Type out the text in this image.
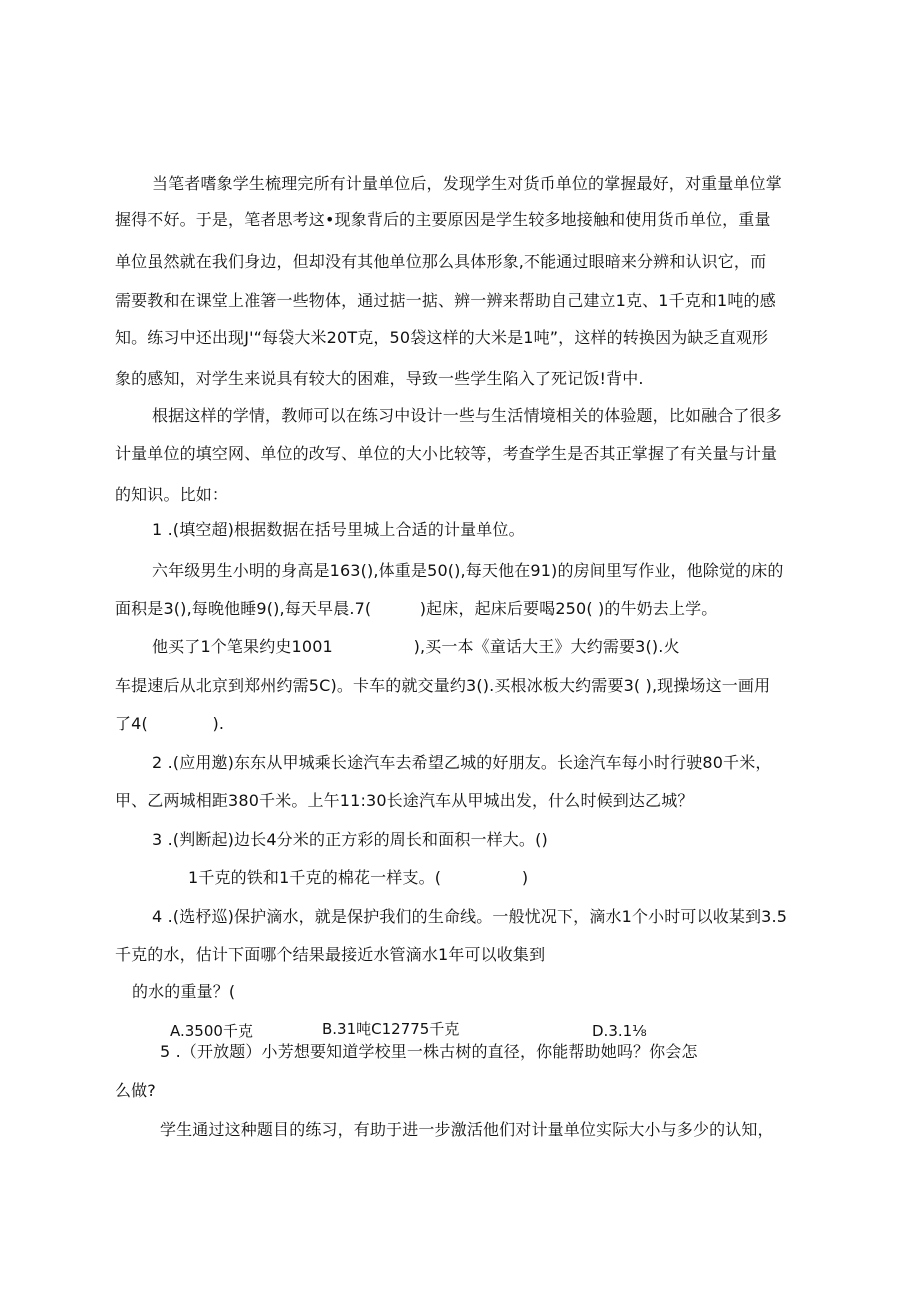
当笔者嗜象学生梳理完所有计量单位后，发现学生对货币单位的掌握最好，对重量单位掌
握得不好。于是，笔者思考这•现象背后的主要原因是学生较多地接触和使用货币单位，重量
单位虽然就在我们身边，但却没有其他单位那么具体形象,不能通过眼暗来分辨和认识它，而
需要教和在课堂上准箸一些物体，通过掂一掂、辨一辨来帮助自己建立1克、1千克和1吨的感
知。练习中还出现J'“每袋大米20T克，50袋这样的大米是1吨”，这样的转换因为缺乏直观形
象的感知，对学生来说具有较大的困难，导致一些学生陷入了死记饭!背中.
根据这样的学情，教师可以在练习中设计一些与生活情境相关的体验题，比如融合了很多
计量单位的填空网、单位的改写、单位的大小比较等，考查学生是否其正掌握了有关量与计量
的知识。比如：
1 .(填空超)根据数据在括号里城上合适的计量单位。
六年级男生小明的身高是163(),体重是50(),每天他在91)的房间里写作业，他除觉的床的
面积是3(),每晚他睡9(),每天早晨.7(　　　)起床，起床后要喝250( )的牛奶去上学。
他买了1个笔果约史1001　　　　　),买一本《童话大王》大约需要3().火
车提速后从北京到郑州约需5C)。卡车的就交量约3().买根冰板大约需要3( ),现操场这一画用
了4(　　　　).
2 .(应用邀)东东从甲城乘长途汽车去希望乙城的好朋友。长途汽车每小时行驶80千米，
甲、乙两城相距380千米。上午11:30长途汽车从甲城出发，什么时候到达乙城？
3 .(判断起)边长4分米的正方彩的周长和面积一样大。()
1千克的铁和1千克的棉花一样支。(　　　　　)
4 .(选杼巡)保护滴水，就是保护我们的生命线。一般忧况下，滴水1个小时可以收某到3.5
千克的水，估计下面哪个结果最接近水管滴水1年可以收集到
的水的重量？(
A.3500千克	B.31吨C12775千克	D.3.1⅛
5 .（开放题）小芳想要知道学校里一株古树的直径，你能帮助她吗？你会怎
么做?
学生通过这种题目的练习，有助于进一步激活他们对计量单位实际大小与多少的认知，
